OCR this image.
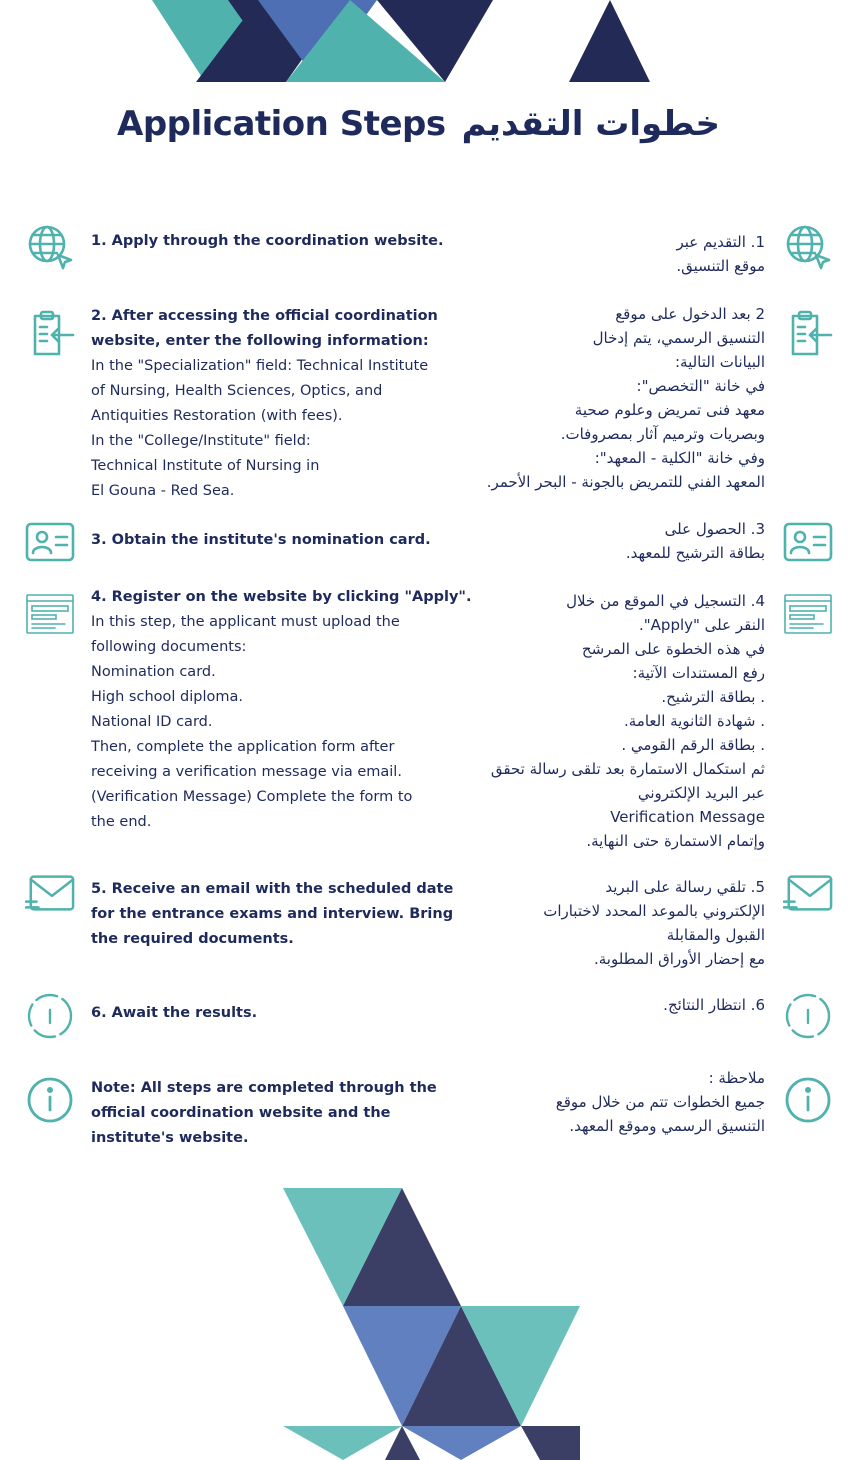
Application Steps خطوات التقديم
1. Apply through the coordination website.	1. التقديم عبر
موقع التنسيق.
2. After accessing the official coordination
website, enter the following information:
In the "Specialization" field: Technical Institute
of Nursing, Health Sciences, Optics, and
Antiquities Restoration (with fees).
In the "College/Institute" field:
Technical Institute of Nursing in
El Gouna - Red Sea.
2 بعد الدخول على موقع
التنسيق الرسمي، يتم إدخال
البيانات التالية:
في خانة "التخصص":
معهد فنى تمريض وعلوم صحية
وبصريات وترميم آثار بمصروفات.
وفي خانة "الكلية - المعهد":
المعهد الفني للتمريض بالجونة - البحر الأحمر.
3. Obtain the institute's nomination card.
3. الحصول على
بطاقة الترشيح للمعهد.
4. Register on the website by clicking "Apply".
In this step, the applicant must upload the
following documents:
Nomination card.
High school diploma.
National ID card.
Then, complete the application form after
receiving a verification message via email.
(Verification Message) Complete the form to
the end.
4. التسجيل في الموقع من خلال
النقر على "Apply".
في هذه الخطوة على المرشح
رفع المستندات الآتية:
. بطاقة الترشيح.
. شهادة الثانوية العامة.
. بطاقة الرقم القومي .
ثم استكمال الاستمارة بعد تلقى رسالة تحقق
عبر البريد الإلكتروني
Verification Message
وإتمام الاستمارة حتى النهاية.
5. Receive an email with the scheduled date
for the entrance exams and interview. Bring
the required documents.
5. تلقي رسالة على البريد
الإلكتروني بالموعد المحدد لاختبارات
القبول والمقابلة
مع إحضار الأوراق المطلوبة.
6. Await the results.	6. انتظار النتائج.
Note: All steps are completed through the
official coordination website and the
institute's website.
ملاحظة :
جميع الخطوات تتم من خلال موقع
التنسيق الرسمي وموقع المعهد.
